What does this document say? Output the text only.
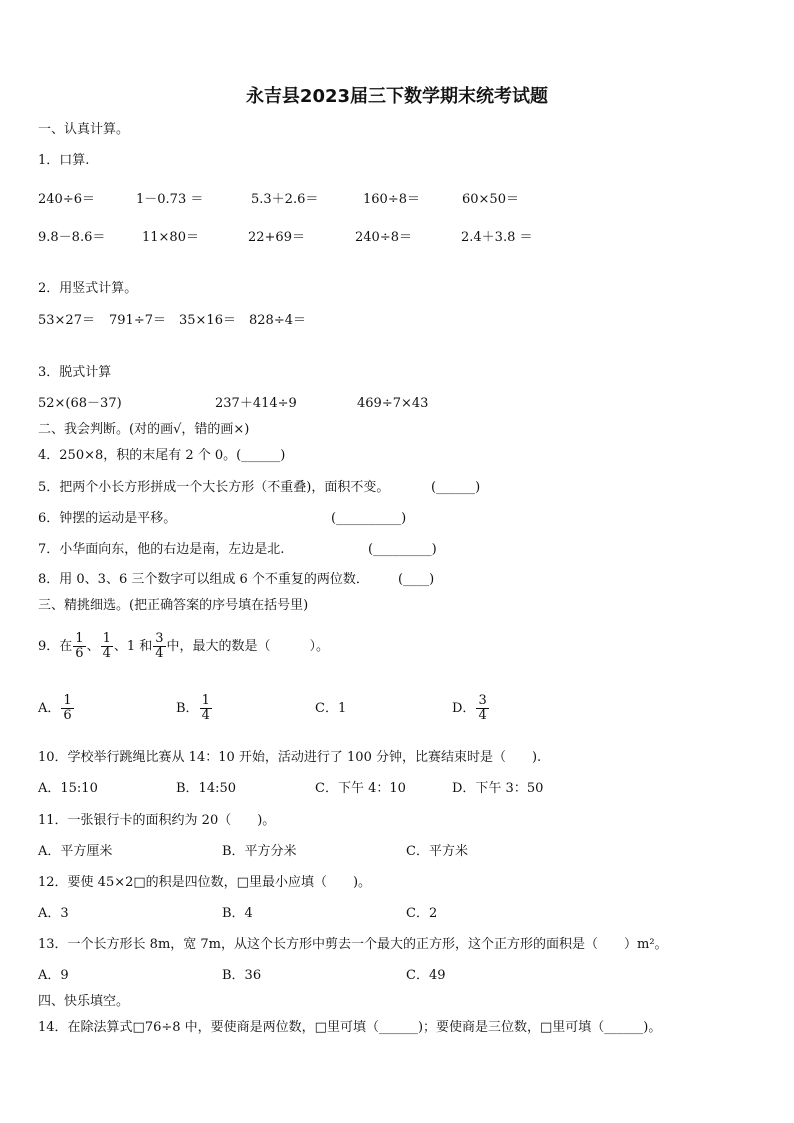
永吉县2023届三下数学期末统考试题
一、认真计算。
1．口算.
240÷6＝	1－0.73 ＝	5.3＋2.6＝	160÷8＝	60×50＝
9.8－8.6＝	11×80＝	22+69＝	240÷8＝	2.4＋3.8 ＝
2．用竖式计算。
53×27＝ 791÷7＝ 35×16＝ 828÷4＝
3．脱式计算
52×(68－37)	237＋414÷9	469÷7×43
二、我会判断。(对的画√，错的画×)
4．250×8，积的末尾有 2 个 0。(______)
5．把两个小长方形拼成一个大长方形（不重叠)，面积不变。	(______)
6．钟摆的运动是平移。	(__________)
7．小华面向东，他的右边是南，左边是北.	(_________)
8．用 0、3、6 三个数字可以组成 6 个不重复的两位数． (____)
三、精挑细选。(把正确答案的序号填在括号里)
9．在 $\frac{1}{6}$ 、 $\frac{1}{4}$ 、1 和 $\frac{3}{4}$ 中，最大的数是（　　　）。
A． $\frac{1}{6}$	B． $\frac{1}{4}$	C．1	D． $\frac{3}{4}$
10．学校举行跳绳比赛从 14：10 开始，活动进行了 100 分钟，比赛结束时是（　　).
A．15:10	B．14:50	C．下午 4：10	D．下午 3：50
11．一张银行卡的面积约为 20（　　)。
A．平方厘米	B．平方分米	C．平方米
12．要使 45×2□的积是四位数，□里最小应填（　　)。
A．3	B．4	C．2
13．一个长方形长 8m，宽 7m，从这个长方形中剪去一个最大的正方形，这个正方形的面积是（　　）m²。
A．9	B．36	C．49
四、快乐填空。
14．在除法算式□76÷8 中，要使商是两位数，□里可填（______)；要使商是三位数，□里可填（______)。
